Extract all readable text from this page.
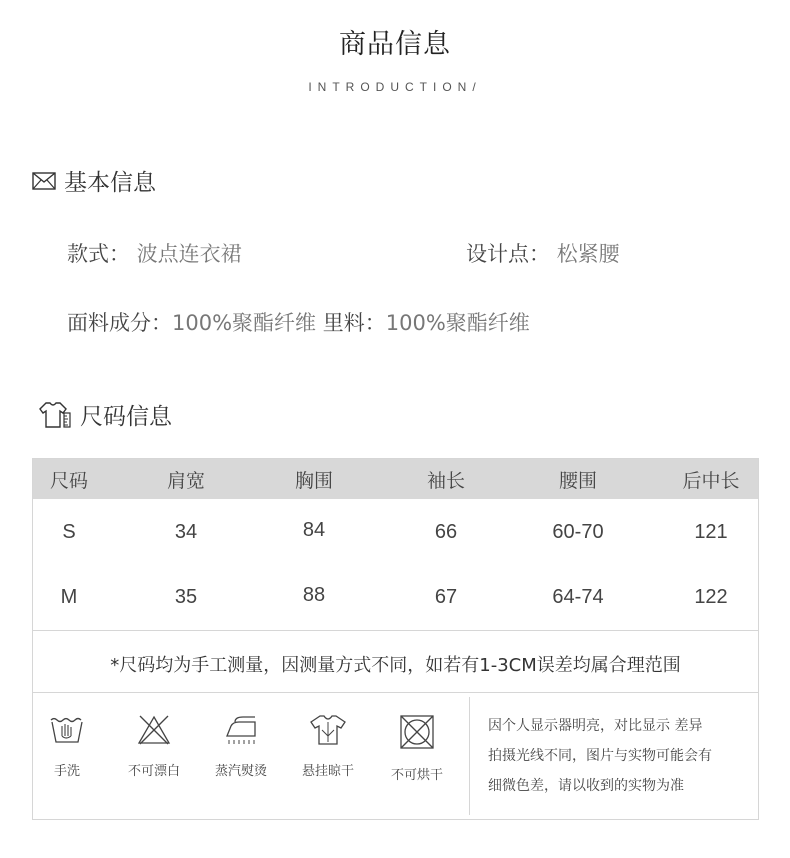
商品信息
INTRODUCTION/
基本信息
款式： 波点连衣裙	设计点： 松紧腰
面料成分：100%聚酯纤维 里料：100%聚酯纤维
尺码信息
尺码	肩宽	胸围	袖长	腰围	后中长
S	34	84	66	60-70	121
M	35	88	67	64-74	122
*尺码均为手工测量，因测量方式不同，如若有1-3CM误差均属合理范围
手洗	不可漂白	蒸汽熨烫	悬挂晾干	不可烘干
因个人显示器明亮，对比显示 差异
拍摄光线不同，图片与实物可能会有
细微色差，请以收到的实物为准
